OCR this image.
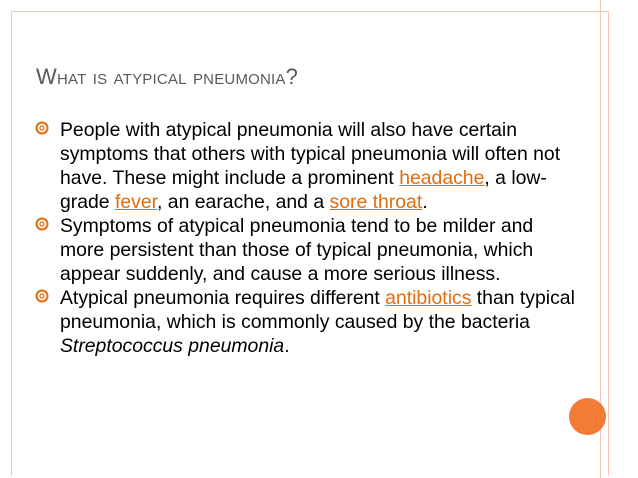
What is atypical pneumonia?
People with atypical pneumonia will also have certain symptoms that others with typical pneumonia will often not have. These might include a prominent headache, a low-grade fever, an earache, and a sore throat.
Symptoms of atypical pneumonia tend to be milder and more persistent than those of typical pneumonia, which appear suddenly, and cause a more serious illness.
Atypical pneumonia requires different antibiotics than typical pneumonia, which is commonly caused by the bacteria Streptococcus pneumonia.
